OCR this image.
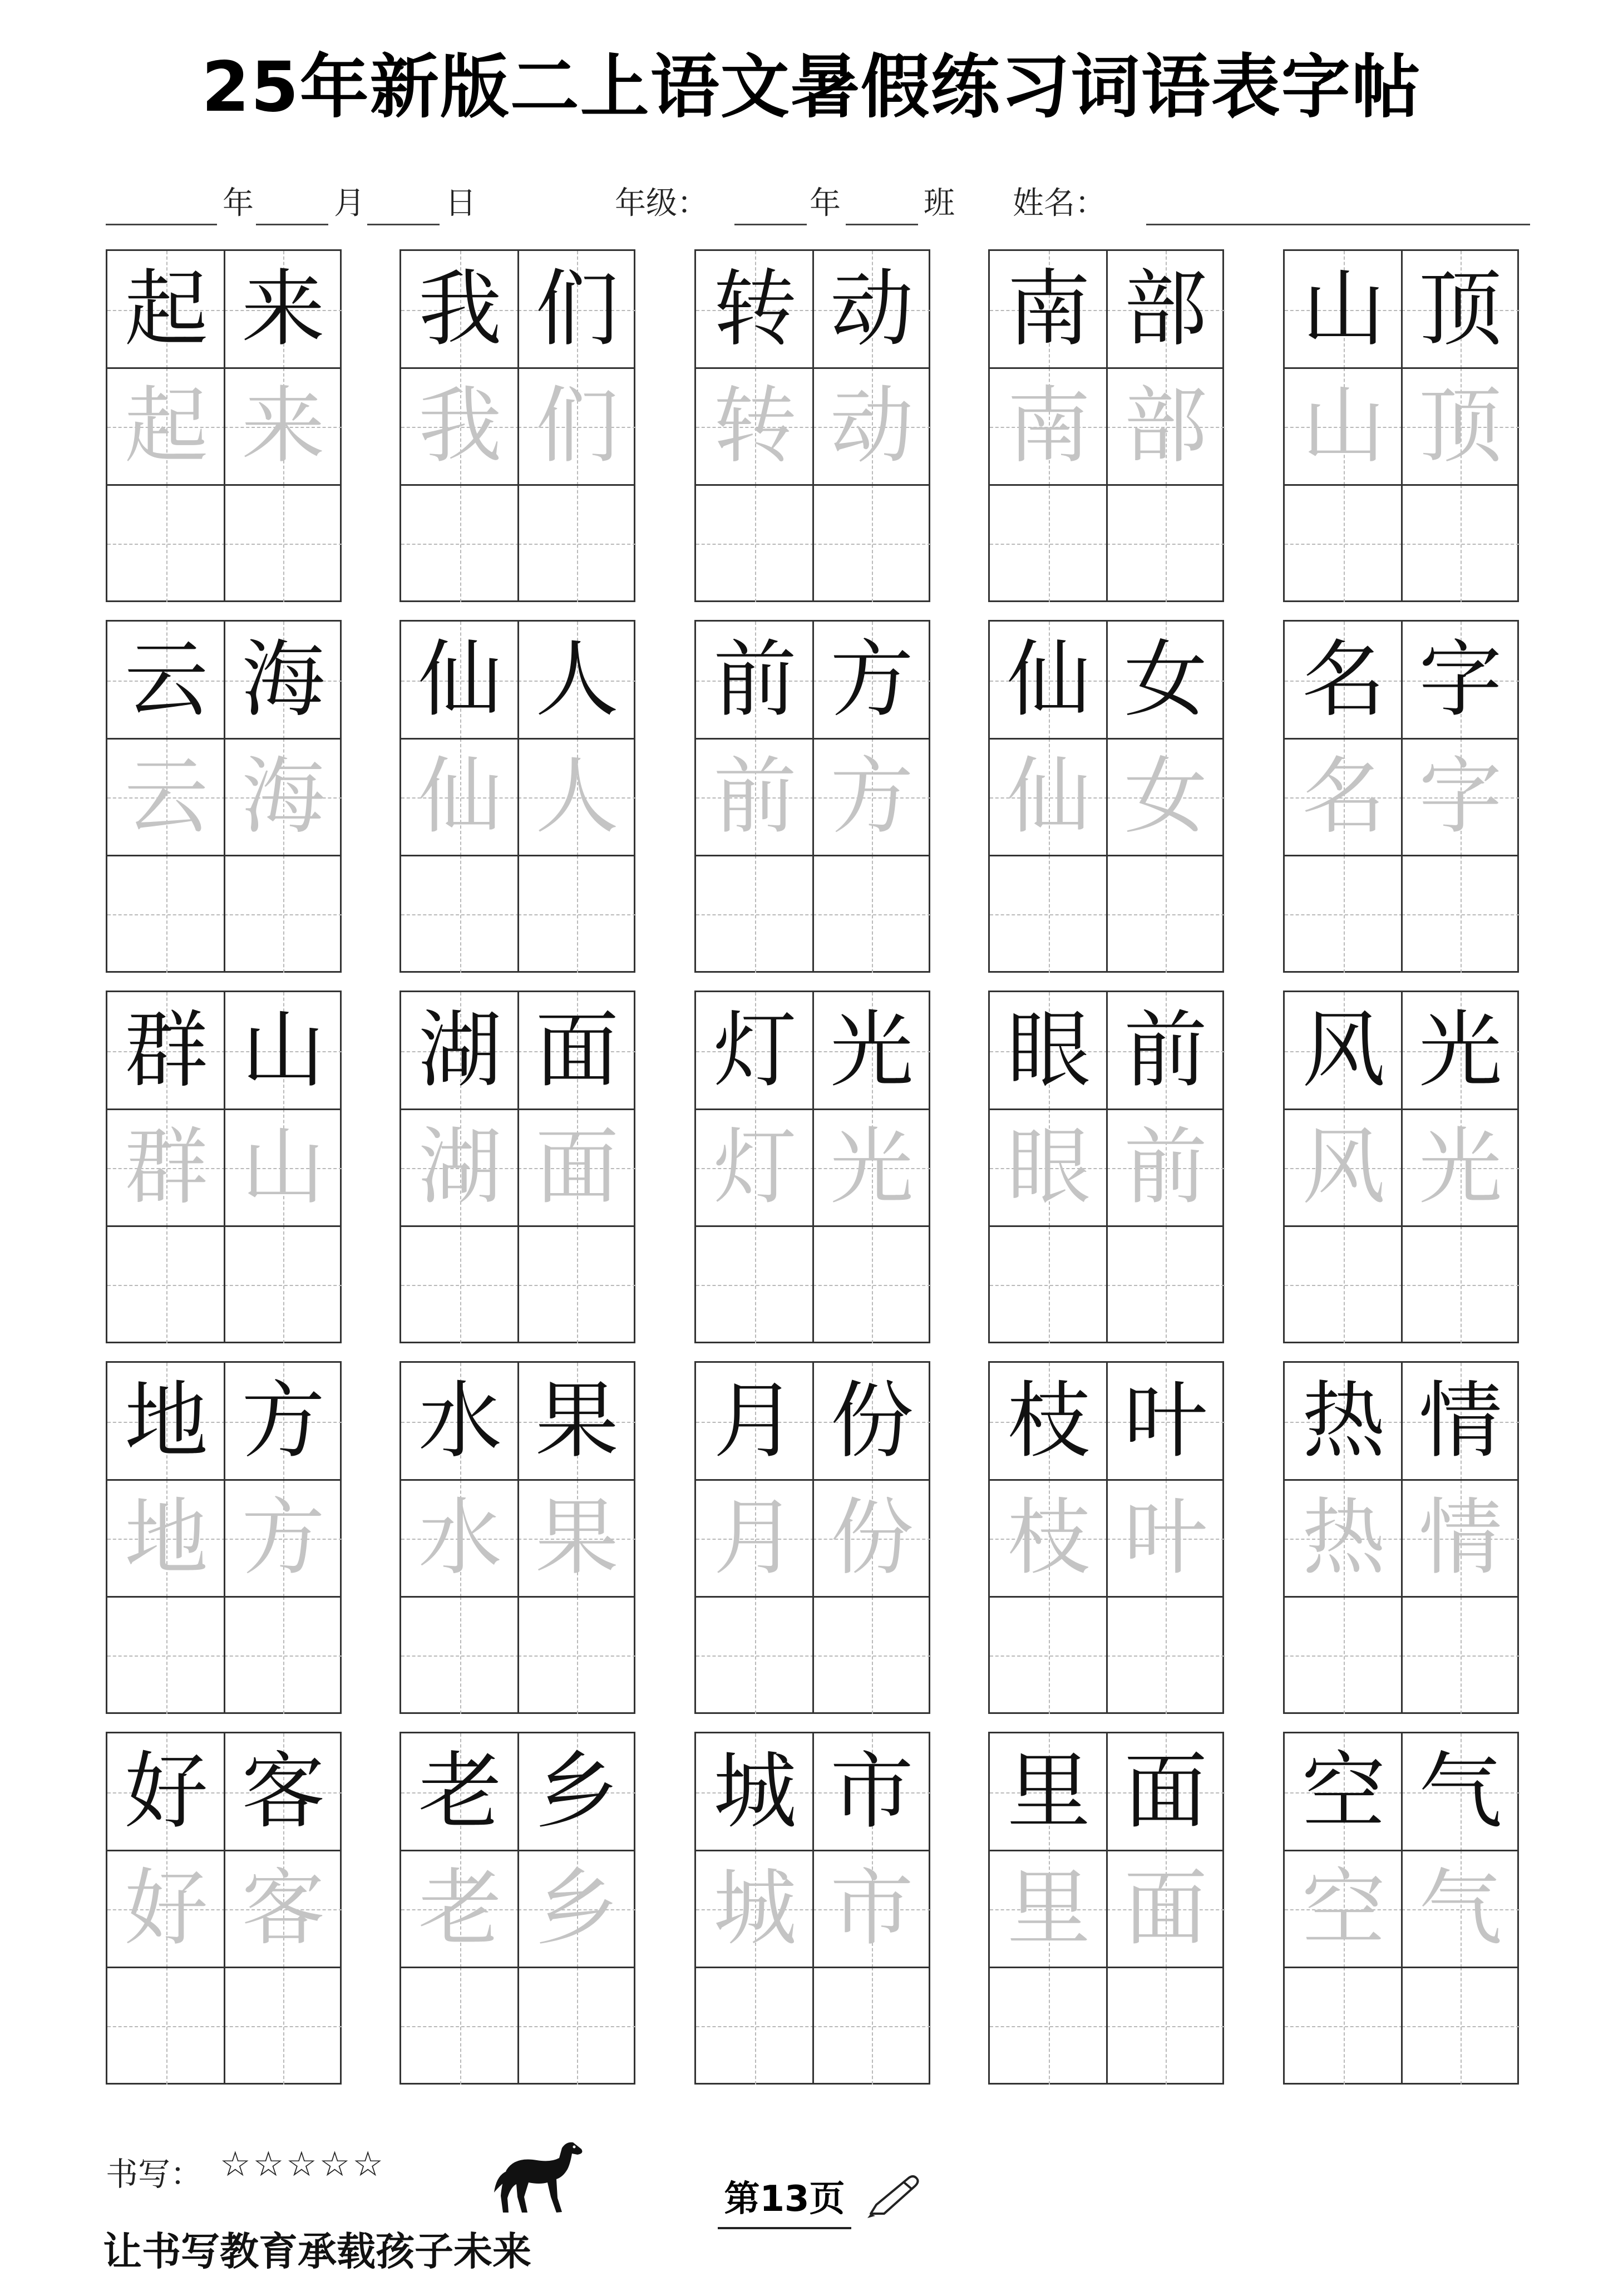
25年新版二上语文暑假练习词语表字帖
年	月	日	年级：	年	班 姓名：
起 来
起 来
我 们
我 们
转 动
转 动
南 部
南 部
山 顶
山 顶
云 海
云 海
仙 人
仙 人
前 方
前 方
仙 女
仙 女
名 字
名 字
群 山
群 山
湖 面
湖 面
灯 光
灯 光
眼 前
眼 前
风 光
风 光
地 方
地 方
水 果
水 果
月 份
月 份
枝 叶
枝 叶
热 情
热 情
好 客
好 客
老 乡
老 乡
城 市
城 市
里 面
里 面
空 气
空 气
书写： ☆☆☆☆☆
第13页
让书写教育承载孩子未来
